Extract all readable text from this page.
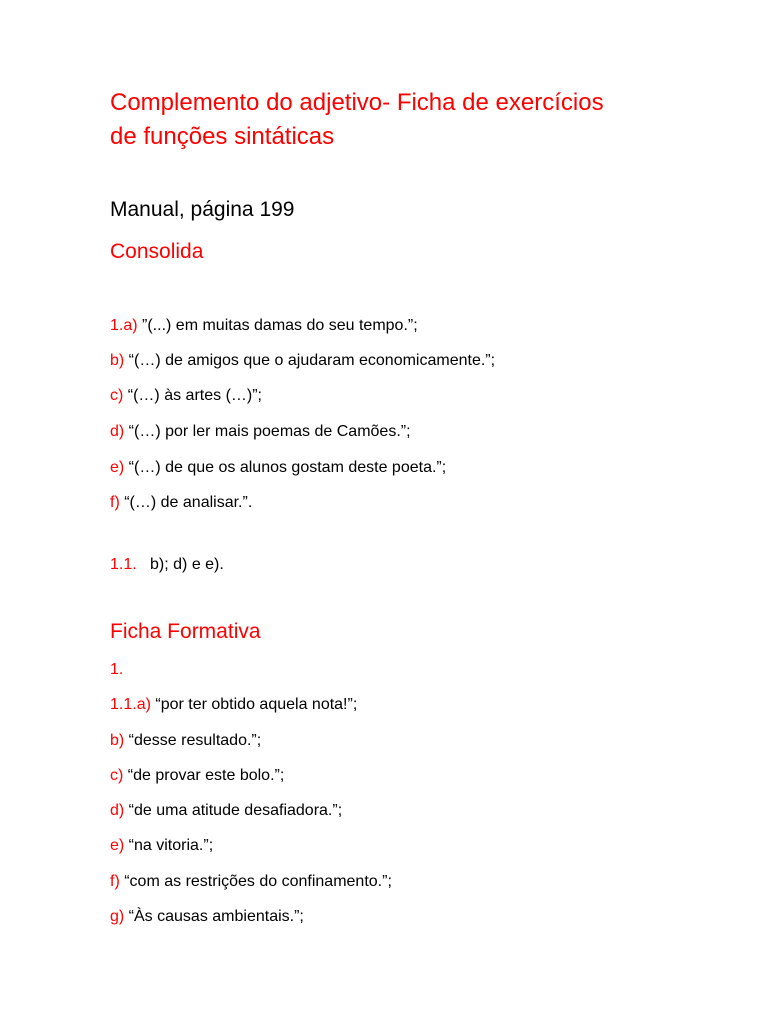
Complemento do adjetivo- Ficha de exercícios
de funções sintáticas

Manual, página 199

Consolida

1.a) ”(...) em muitas damas do seu tempo.”;

b) “(…) de amigos que o ajudaram economicamente.”;

c) “(…) às artes (…)”;

d) “(…) por ler mais poemas de Camões.”;

e) “(…) de que os alunos gostam deste poeta.”;

f) “(…) de analisar.”.

1.1.   b); d) e e).

Ficha Formativa

1.

1.1.a) “por ter obtido aquela nota!”;

b) “desse resultado.”;

c) “de provar este bolo.”;

d) “de uma atitude desafiadora.”;

e) “na vitoria.”;

f) “com as restrições do confinamento.”;

g) “Às causas ambientais.”;
